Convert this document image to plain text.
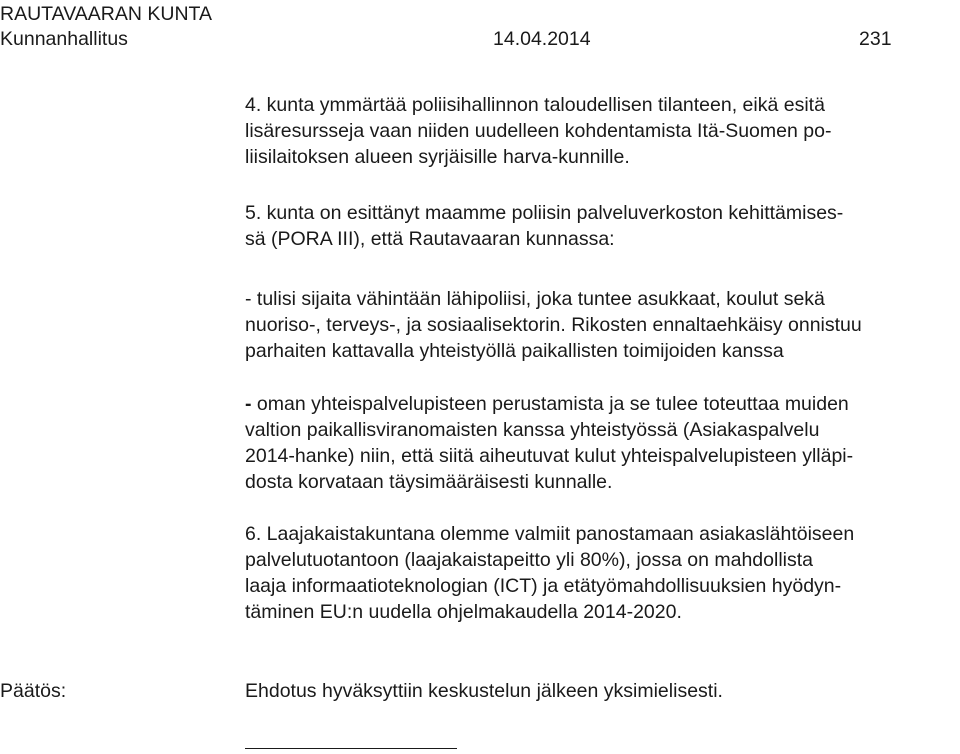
RAUTAVAARAN KUNTA
Kunnanhallitus	14.04.2014	231
4. kunta ymmärtää poliisihallinnon taloudellisen tilanteen, eikä esitä
lisäresursseja vaan niiden uudelleen kohdentamista Itä-Suomen po-
liisilaitoksen alueen syrjäisille harva-kunnille.
5. kunta on esittänyt maamme poliisin palveluverkoston kehittämises-
sä (PORA III), että Rautavaaran kunnassa:
- tulisi sijaita vähintään lähipoliisi, joka tuntee asukkaat, koulut sekä
nuoriso-, terveys-, ja sosiaalisektorin. Rikosten ennaltaehkäisy onnistuu
parhaiten kattavalla yhteistyöllä paikallisten toimijoiden kanssa
- oman yhteispalvelupisteen perustamista ja se tulee toteuttaa muiden
valtion paikallisviranomaisten kanssa yhteistyössä (Asiakaspalvelu
2014-hanke) niin, että siitä aiheutuvat kulut yhteispalvelupisteen ylläpi-
dosta korvataan täysimääräisesti kunnalle.
6. Laajakaistakuntana olemme valmiit panostamaan asiakaslähtöiseen
palvelutuotantoon (laajakaistapeitto yli 80%), jossa on mahdollista
laaja informaatioteknologian (ICT) ja etätyömahdollisuuksien hyödyn-
täminen EU:n uudella ohjelmakaudella 2014-2020.
Päätös:	Ehdotus hyväksyttiin keskustelun jälkeen yksimielisesti.
